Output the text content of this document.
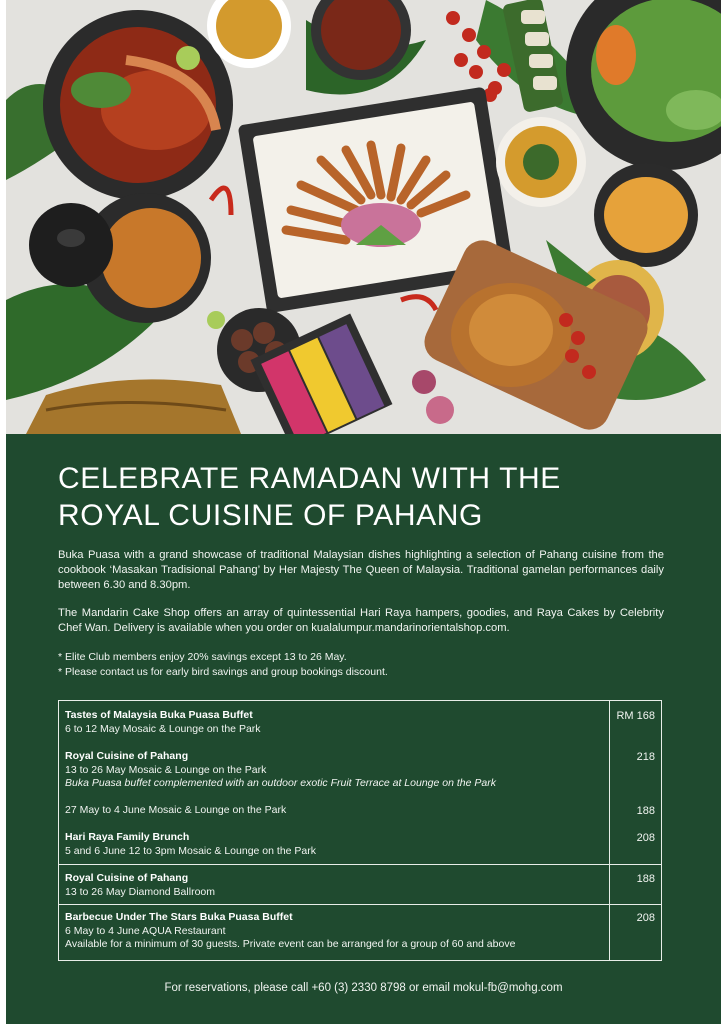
CELEBRATE RAMADAN WITH THE
ROYAL CUISINE OF PAHANG

Buka Puasa with a grand showcase of traditional Malaysian dishes highlighting a selection of Pahang cuisine from the cookbook ‘Masakan Tradisional Pahang’ by Her Majesty The Queen of Malaysia. Traditional gamelan performances daily between 6.30 and 8.30pm.

The Mandarin Cake Shop offers an array of quintessential Hari Raya hampers, goodies, and Raya Cakes by Celebrity Chef Wan. Delivery is available when you order on kualalumpur.mandarinorientalshop.com.

* Elite Club members enjoy 20% savings except 13 to 26 May.
* Please contact us for early bird savings and group bookings discount.
Tastes of Malaysia Buka Puasa Buffet
6 to 12 May Mosaic & Lounge on the Park
RM 168
Royal Cuisine of Pahang
13 to 26 May Mosaic & Lounge on the Park
Buka Puasa buffet complemented with an outdoor exotic Fruit Terrace at Lounge on the Park
218
27 May to 4 June Mosaic & Lounge on the Park	188
Hari Raya Family Brunch
5 and 6 June 12 to 3pm Mosaic & Lounge on the Park
208
Royal Cuisine of Pahang
13 to 26 May Diamond Ballroom
188
Barbecue Under The Stars Buka Puasa Buffet
6 May to 4 June AQUA Restaurant
Available for a minimum of 30 guests. Private event can be arranged for a group of 60 and above
208
For reservations, please call +60 (3) 2330 8798 or email mokul-fb@mohg.com
